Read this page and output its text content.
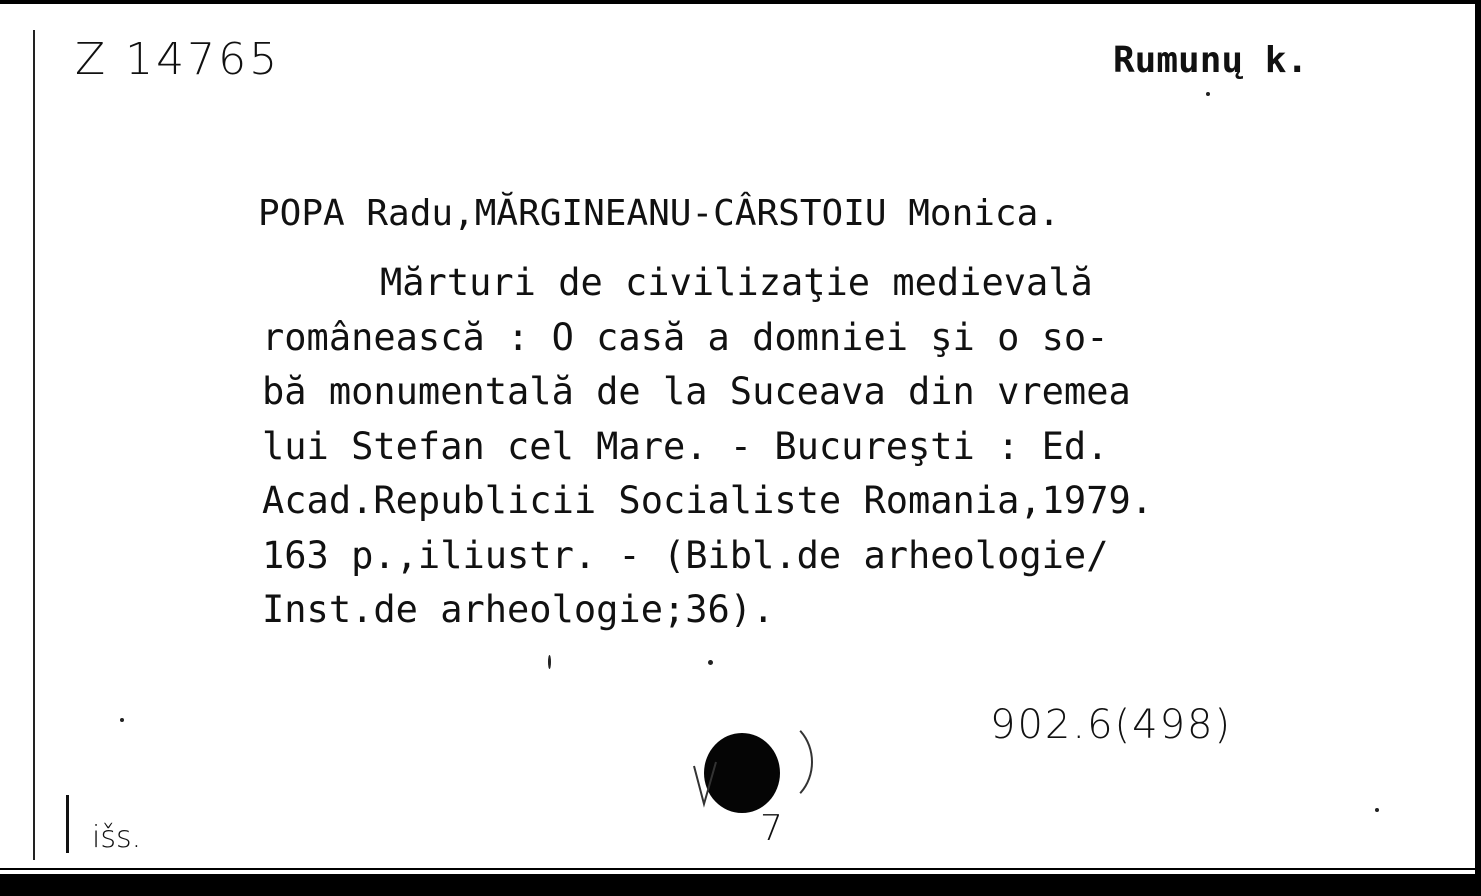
Z 14765	Rumunų k.
POPA Radu,MĂRGINEANU-CÂRSTOIU Monica.
Mărturi de civilizaţie medievală
românească : O casă a domniei şi o so-
bă monumentală de la Suceava din vremea
lui Stefan cel Mare. - Bucureşti : Ed.
Acad.Republicii Socialiste Romania,1979.
163 p.,iliustr. - (Bibl.de arheologie/
Inst.de arheologie;36).
902.6(498)
išs.	7
